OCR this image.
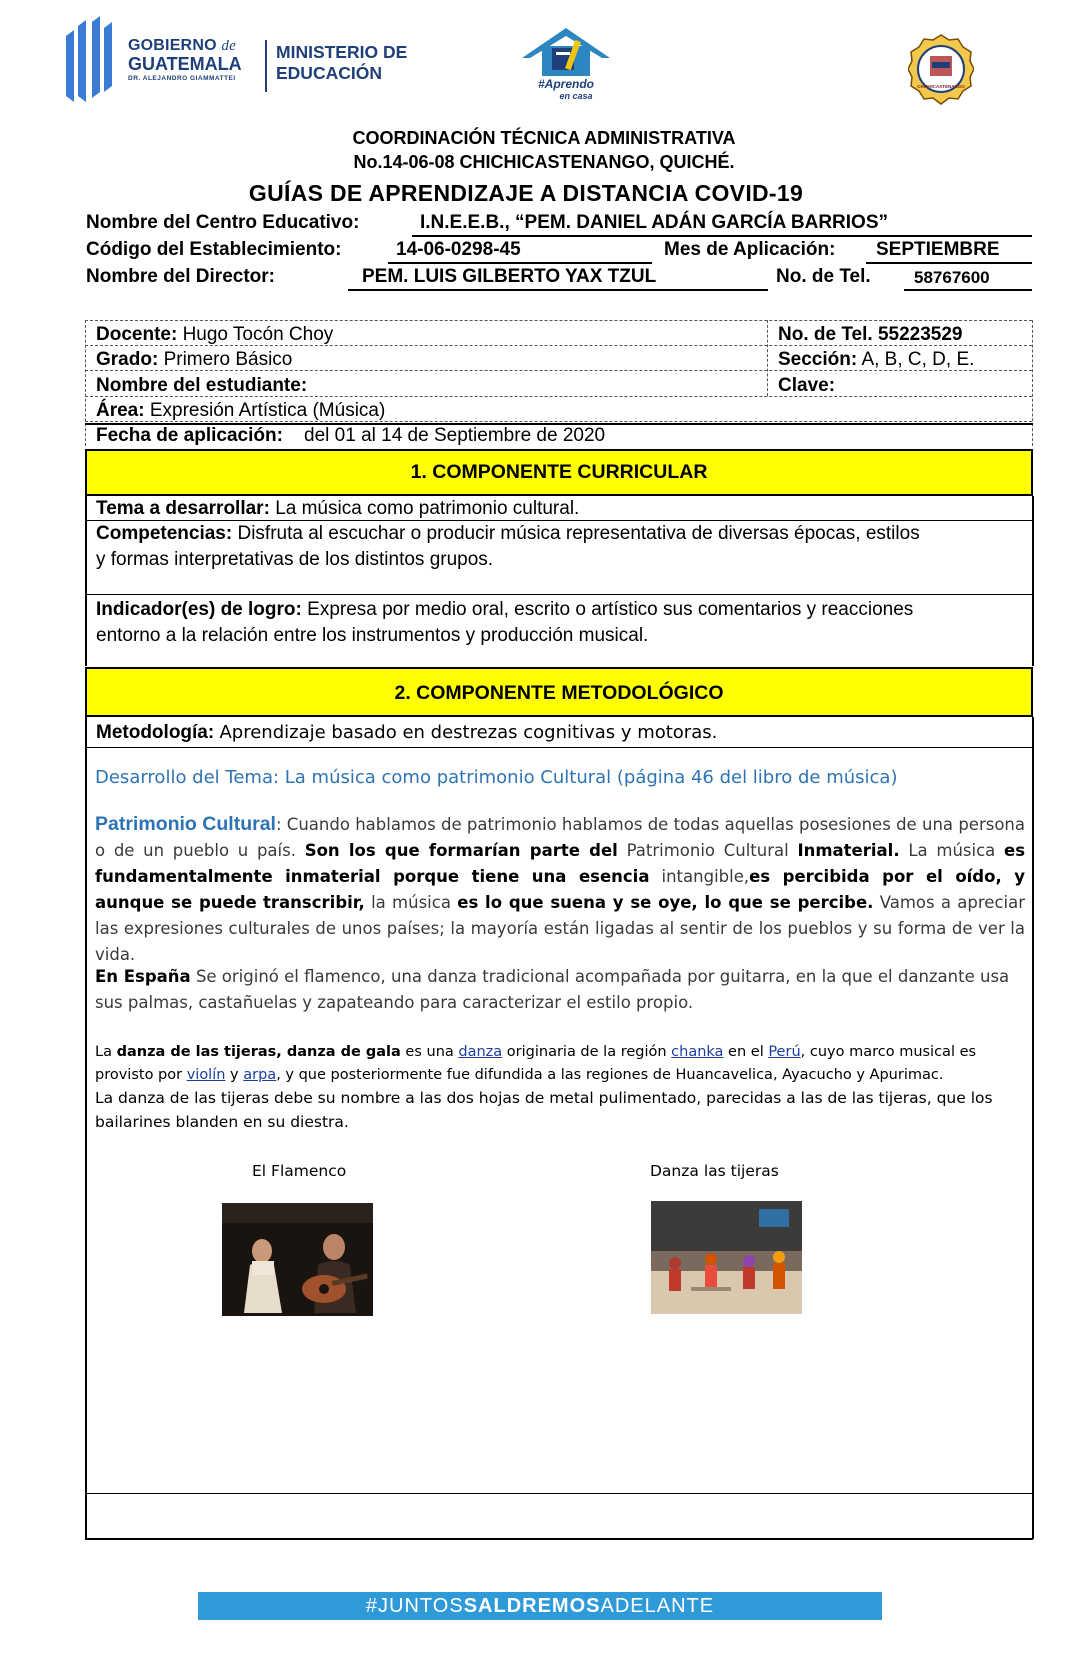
GOBIERNO de
GUATEMALA
DR. ALEJANDRO GIAMMATTEI
MINISTERIO DE
EDUCACIÓN
#Aprendo
en casa
CHICHICASTENANGO
COORDINACIÓN TÉCNICA ADMINISTRATIVA
No.14-06-08 CHICHICASTENANGO, QUICHÉ.
GUÍAS DE APRENDIZAJE A DISTANCIA COVID-19
Nombre del Centro Educativo:	I.N.E.E.B., “PEM. DANIEL ADÁN GARCÍA BARRIOS”
Código del Establecimiento:	14-06-0298-45	Mes de Aplicación: SEPTIEMBRE
Nombre del Director:	PEM. LUIS GILBERTO YAX TZUL	No. de Tel.	58767600
Docente: Hugo Tocón Choy	No. de Tel. 55223529
Grado: Primero Básico	Sección: A, B, C, D, E.
Nombre del estudiante:	Clave:
Área: Expresión Artística (Música)
Fecha de aplicación: del 01 al 14 de Septiembre de 2020
1. COMPONENTE CURRICULAR
Tema a desarrollar: La música como patrimonio cultural.
Competencias: Disfruta al escuchar o producir música representativa de diversas épocas, estilos
y formas interpretativas de los distintos grupos.
Indicador(es) de logro: Expresa por medio oral, escrito o artístico sus comentarios y reacciones
entorno a la relación entre los instrumentos y producción musical.
2. COMPONENTE METODOLÓGICO
Metodología: Aprendizaje basado en destrezas cognitivas y motoras.
Desarrollo del Tema: La música como patrimonio Cultural (página 46 del libro de música)
Patrimonio Cultural: Cuando hablamos de patrimonio hablamos de todas aquellas posesiones de una persona o de un pueblo u país. Son los que formarían parte del Patrimonio Cultural Inmaterial. La música es fundamentalmente inmaterial porque tiene una esencia intangible,es percibida por el oído, y aunque se puede transcribir, la música es lo que suena y se oye, lo que se percibe. Vamos a apreciar las expresiones culturales de unos países; la mayoría están ligadas al sentir de los pueblos y su forma de ver la vida.
En España Se originó el flamenco, una danza tradicional acompañada por guitarra, en la que el danzante usa
sus palmas, castañuelas y zapateando para caracterizar el estilo propio.
La danza de las tijeras, danza de gala es una danza originaria de la región chanka en el Perú, cuyo marco musical es
provisto por violín y arpa, y que posteriormente fue difundida a las regiones de Huancavelica, Ayacucho y Apurimac.
La danza de las tijeras debe su nombre a las dos hojas de metal pulimentado, parecidas a las de las tijeras, que los
bailarines blanden en su diestra.
El Flamenco	Danza las tijeras
#JUNTOSSALDREMOSADELANTE
